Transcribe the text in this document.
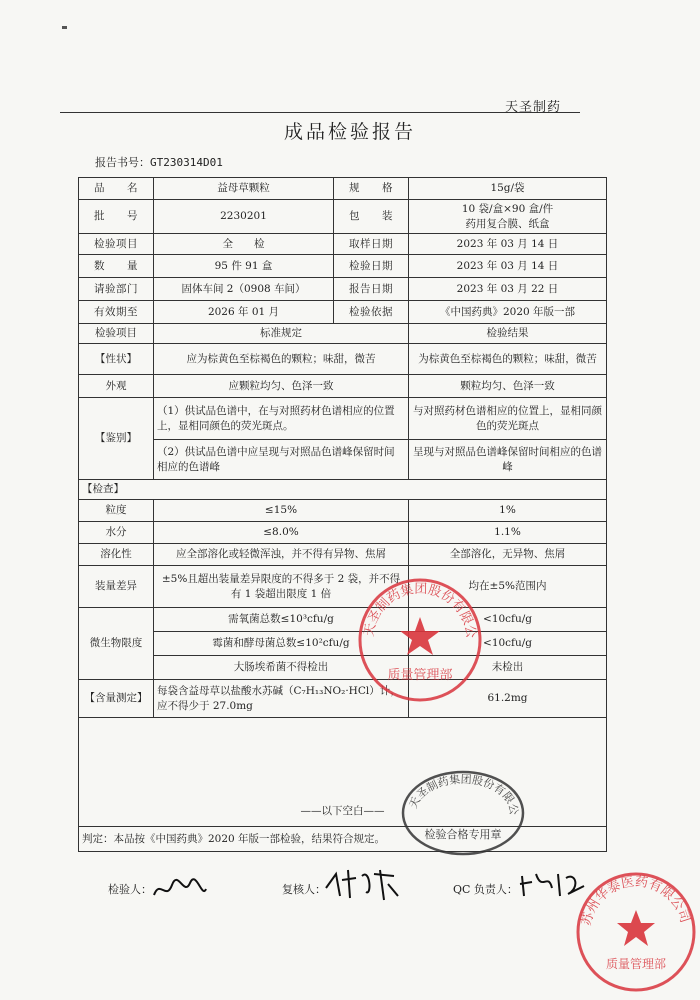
天圣制药
成品检验报告
报告书号：GT230314D01
品　　名	益母草颗粒	规　　格	15g/袋
批　　号	2230201	包　　装	10 袋/盒×90 盒/件
药用复合膜、纸盒

检验项目	全　　检	取样日期	2023 年 03 月 14 日
数　　量	95 件 91 盒	检验日期	2023 年 03 月 14 日
请验部门	固体车间 2（0908 车间）	报告日期	2023 年 03 月 22 日
有效期至	2026 年 01 月	检验依据	《中国药典》2020 年版一部
检验项目	标准规定		检验结果
【性状】	应为棕黄色至棕褐色的颗粒；味甜，微苦		为棕黄色至棕褐色的颗粒；味甜，微苦
外观	应颗粒均匀、色泽一致		颗粒均匀、色泽一致
【鉴别】	（1）供试品色谱中，在与对照药材色谱相应的位置上，显相同颜色的荧光斑点。		与对照药材色谱相应的位置上，显相同颜色的荧光斑点
	（2）供试品色谱中应呈现与对照品色谱峰保留时间相应的色谱峰		呈现与对照品色谱峰保留时间相应的色谱峰
【检查】			
粒度	≤15%		1%
水分	≤8.0%		1.1%
溶化性	应全部溶化或轻微浑浊，并不得有异物、焦屑		全部溶化，无异物、焦屑
装量差异	±5%且超出装量差异限度的不得多于 2 袋，并不得有 1 袋超出限度 1 倍		均在±5%范围内
微生物限度	需氧菌总数≤10³cfu/g		<10cfu/g
	霉菌和酵母菌总数≤10²cfu/g		<10cfu/g
	大肠埃希菌不得检出		未检出
【含量测定】	每袋含益母草以盐酸水苏碱（C₇H₁₃NO₂·HCl）计，应不得少于 27.0mg		61.2mg
——以下空白——			
判定：本品按《中国药典》2020 年版一部检验，结果符合规定。			
检验人：	复核人：	QC 负责人：
天圣制药集团股份有限公
质量管理部
天圣制药集团股份有限公
检验合格专用章
苏州华泰医药有限公司
质量管理部
